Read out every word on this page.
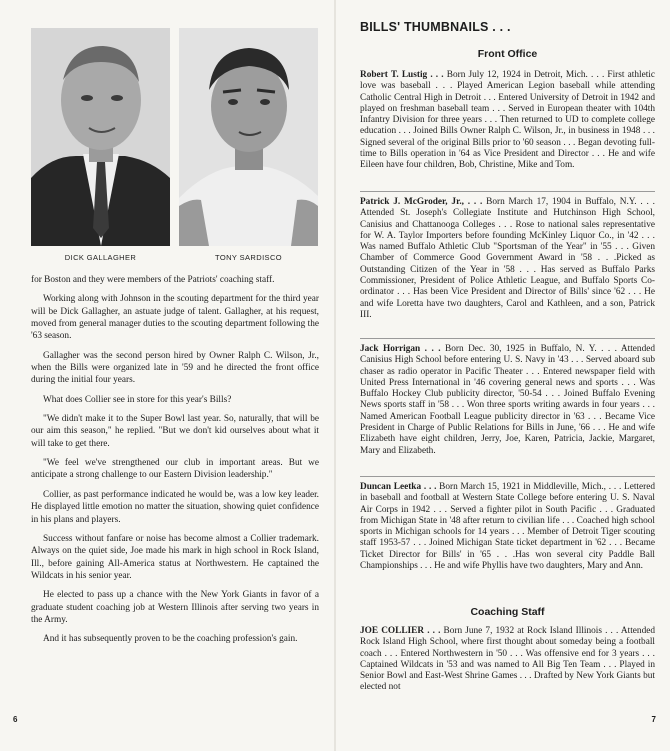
DICK GALLAGHER	TONY SARDISCO

for Boston and they were members of the Patriots' coaching staff.

Working along with Johnson in the scouting department for the third year will be Dick Gallagher, an astuate judge of talent. Gallagher, at his request, moved from general manager duties to the scouting department following the '63 season.

Gallagher was the second person hired by Owner Ralph C. Wilson, Jr., when the Bills were organized late in '59 and he directed the front office during the initial four years.

What does Collier see in store for this year's Bills?

"We didn't make it to the Super Bowl last year. So, naturally, that will be our aim this season," he replied. "But we don't kid ourselves about what it will take to get there.

"We feel we've strengthened our club in important areas. But we anticipate a strong challenge to our Eastern Division leadership."

Collier, as past performance indicated he would be, was a low key leader. He displayed little emotion no matter the situation, showing quiet confidence in his plans and players.

Success without fanfare or noise has become almost a Collier trademark. Always on the quiet side, Joe made his mark in high school in Rock Island, Ill., before gaining All-America status at Northwestern. He captained the Wildcats in his senior year.

He elected to pass up a chance with the New York Giants in favor of a graduate student coaching job at Western Illinois after serving two years in the Army.

And it has subsequently proven to be the coaching profession's gain.

6
BILLS' THUMBNAILS . . .
Front Office
Robert T. Lustig . . . Born July 12, 1924 in Detroit, Mich. . . . First athletic love was baseball . . . Played American Legion baseball while attending Catholic Central High in Detroit . . . Entered University of Detroit in 1942 and played on freshman baseball team . . . Served in European theater with 104th Infantry Division for three years . . . Then returned to UD to complete college education . . . Joined Bills Owner Ralph C. Wilson, Jr., in business in 1948 . . . Signed several of the original Bills prior to '60 season . . . Began devoting full-time to Bills operation in '64 as Vice President and Director . . . He and wife Eileen have four children, Bob, Christine, Mike and Tom.
Patrick J. McGroder, Jr., . . . Born March 17, 1904 in Buffalo, N.Y. . . . Attended St. Joseph's Collegiate Institute and Hutchinson High School, Canisius and Chattanooga Colleges . . . Rose to national sales representative for W. A. Taylor Importers before founding McKinley Liquor Co., in '42 . . . Was named Buffalo Athletic Club "Sportsman of the Year" in '55 . . . Given Chamber of Commerce Good Government Award in '58 . . .Picked as Outstanding Citizen of the Year in '58 . . . Has served as Buffalo Parks Commissioner, President of Police Athletic League, and Buffalo Sports Co-ordinator . . . Has been Vice President and Director of Bills' since '62 . . . He and wife Loretta have two daughters, Carol and Kathleen, and a son, Patrick III.
Jack Horrigan . . . Born Dec. 30, 1925 in Buffalo, N. Y. . . . Attended Canisius High School before entering U. S. Navy in '43 . . . Served aboard sub chaser as radio operator in Pacific Theater . . . Entered newspaper field with United Press International in '46 covering general news and sports . . . Was Buffalo Hockey Club publicity director, '50-54 . . . Joined Buffalo Evening News sports staff in '58 . . . Won three sports writing awards in four years . . . Named American Football League publicity director in '63 . . . Became Vice President in Charge of Public Relations for Bills in June, '66 . . . He and wife Elizabeth have eight children, Jerry, Joe, Karen, Patricia, Jackie, Margaret, Mary and Elizabeth.
Duncan Leetka . . . Born March 15, 1921 in Middleville, Mich., . . . Lettered in baseball and football at Western State College before entering U. S. Naval Air Corps in 1942 . . . Served a fighter pilot in South Pacific . . . Graduated from Michigan State in '48 after return to civilian life . . . Coached high school sports in Michigan schools for 14 years . . . Member of Detroit Tiger scouting staff 1953-57 . . . Joined Michigan State ticket department in '62 . . . Became Ticket Director for Bills' in '65 . . .Has won several city Paddle Ball Championships . . . He and wife Phyllis have two daughters, Mary and Ann.
Coaching Staff
JOE COLLIER . . . Born June 7, 1932 at Rock Island Illinois . . . Attended Rock Island High School, where first thought about someday being a football coach . . . Entered Northwestern in '50 . . . Was offensive end for 3 years . . . Captained Wildcats in '53 and was named to All Big Ten Team . . . Played in Senior Bowl and East-West Shrine Games . . . Drafted by New York Giants but elected not
7
